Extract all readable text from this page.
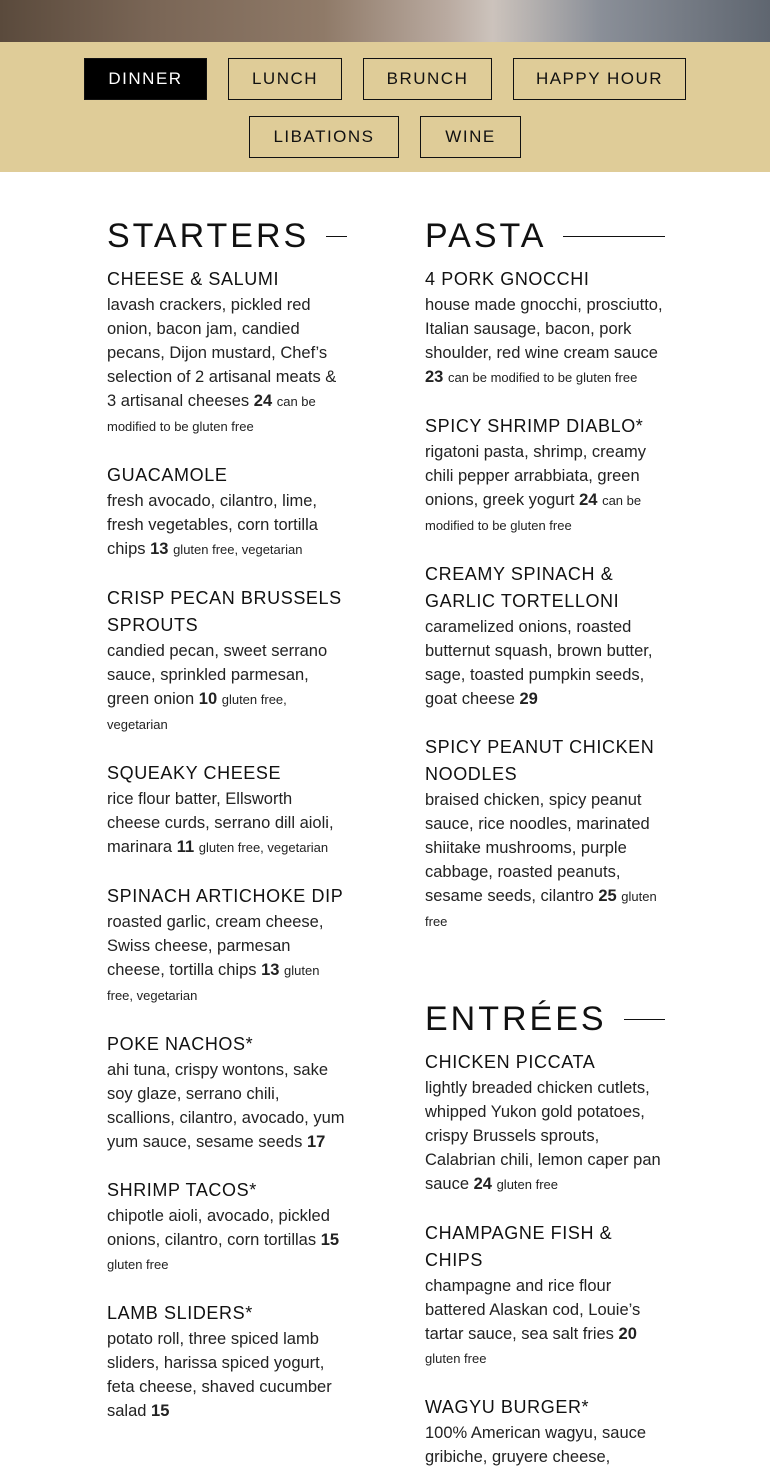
DINNER	LUNCH	BRUNCH	HAPPY HOUR
LIBATIONS	WINE
STARTERS
CHEESE & SALUMI
lavash crackers, pickled red onion, bacon jam, candied pecans, Dijon mustard, Chef’s selection of 2 artisanal meats & 3 artisanal cheeses 24 can be modified to be gluten free
GUACAMOLE
fresh avocado, cilantro, lime, fresh vegetables, corn tortilla chips 13 gluten free, vegetarian
CRISP PECAN BRUSSELS SPROUTS
candied pecan, sweet serrano sauce, sprinkled parmesan, green onion 10 gluten free, vegetarian
SQUEAKY CHEESE
rice flour batter, Ellsworth cheese curds, serrano dill aioli, marinara 11 gluten free, vegetarian
SPINACH ARTICHOKE DIP
roasted garlic, cream cheese, Swiss cheese, parmesan cheese, tortilla chips 13 gluten free, vegetarian
POKE NACHOS*
ahi tuna, crispy wontons, sake soy glaze, serrano chili, scallions, cilantro, avocado, yum yum sauce, sesame seeds 17
SHRIMP TACOS*
chipotle aioli, avocado, pickled onions, cilantro, corn tortillas 15 gluten free
LAMB SLIDERS*
potato roll, three spiced lamb sliders, harissa spiced yogurt, feta cheese, shaved cucumber salad 15
PASTA
4 PORK GNOCCHI
house made gnocchi, prosciutto, Italian sausage, bacon, pork shoulder, red wine cream sauce 23 can be modified to be gluten free
SPICY SHRIMP DIABLO*
rigatoni pasta, shrimp, creamy chili pepper arrabbiata, green onions, greek yogurt 24 can be modified to be gluten free
CREAMY SPINACH & GARLIC TORTELLONI
caramelized onions, roasted butternut squash, brown butter, sage, toasted pumpkin seeds, goat cheese 29
SPICY PEANUT CHICKEN NOODLES
braised chicken, spicy peanut sauce, rice noodles, marinated shiitake mushrooms, purple cabbage, roasted peanuts, sesame seeds, cilantro 25 gluten free
ENTRÉES
CHICKEN PICCATA
lightly breaded chicken cutlets, whipped Yukon gold potatoes, crispy Brussels sprouts, Calabrian chili, lemon caper pan sauce 24 gluten free
CHAMPAGNE FISH & CHIPS
champagne and rice flour battered Alaskan cod, Louie’s tartar sauce, sea salt fries 20 gluten free
WAGYU BURGER*
100% American wagyu, sauce gribiche, gruyere cheese,
